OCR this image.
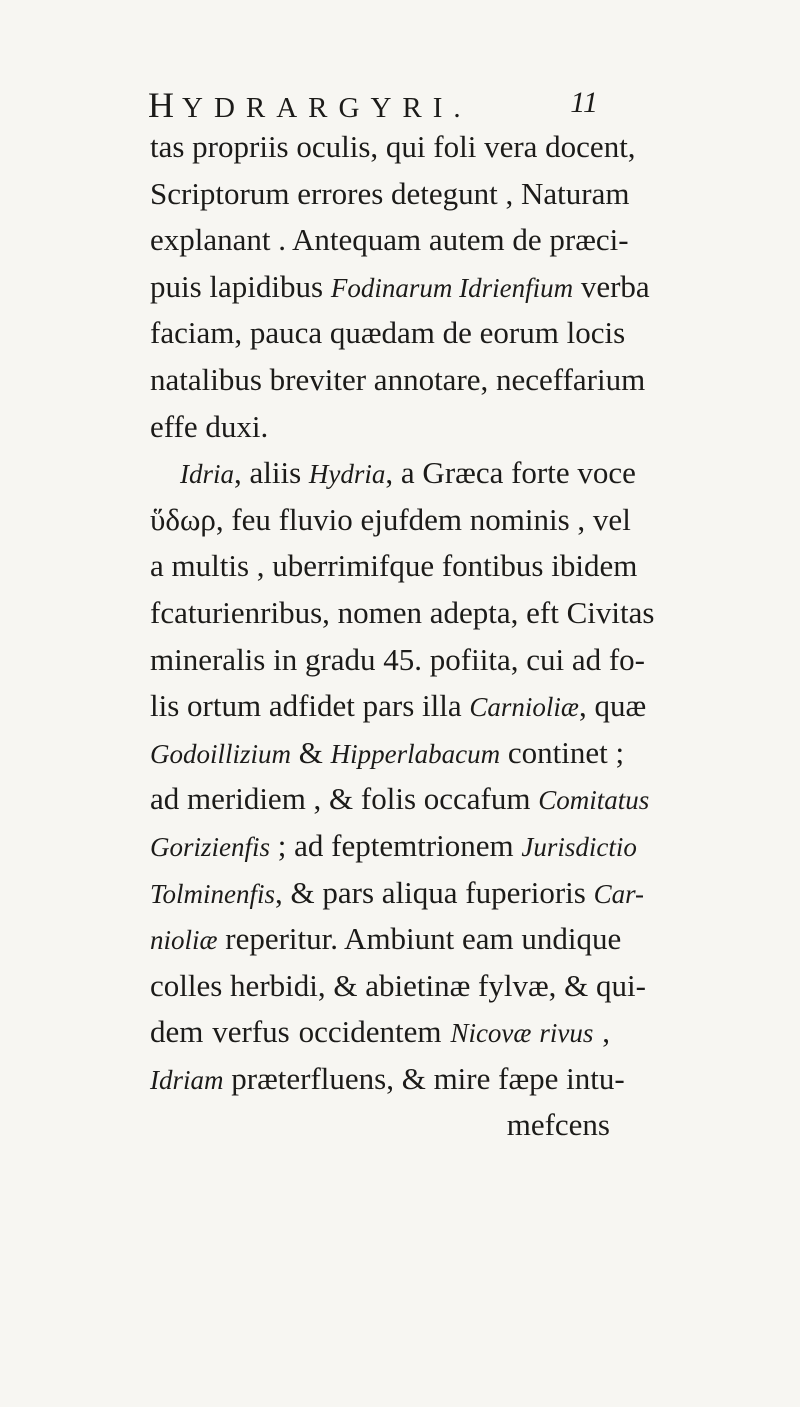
HYDRARGYRI.	11
tas propriis oculis, qui foli vera docent,
Scriptorum errores detegunt , Naturam
explanant . Antequam autem de præci-
puis lapidibus Fodinarum Idrienfium verba
faciam, pauca quædam de eorum locis
natalibus breviter annotare, neceffarium
effe duxi.
Idria, aliis Hydria, a Græca forte voce
ὕδωρ, feu fluvio ejufdem nominis , vel
a multis , uberrimifque fontibus ibidem
fcaturienribus, nomen adepta, eft Civitas
mineralis in gradu 45. pofiita, cui ad fo-
lis ortum adfidet pars illa Carnioliæ, quæ
Godoillizium & Hipperlabacum continet ;
ad meridiem , & folis occafum Comitatus
Gorizienfis ; ad feptemtrionem Jurisdictio
Tolminenfis, & pars aliqua fuperioris Car-
nioliæ reperitur. Ambiunt eam undique
colles herbidi, & abietinæ fylvæ, & qui-
dem verfus occidentem Nicovæ rivus ,
Idriam præterfluens, & mire fæpe intu-
mefcens
